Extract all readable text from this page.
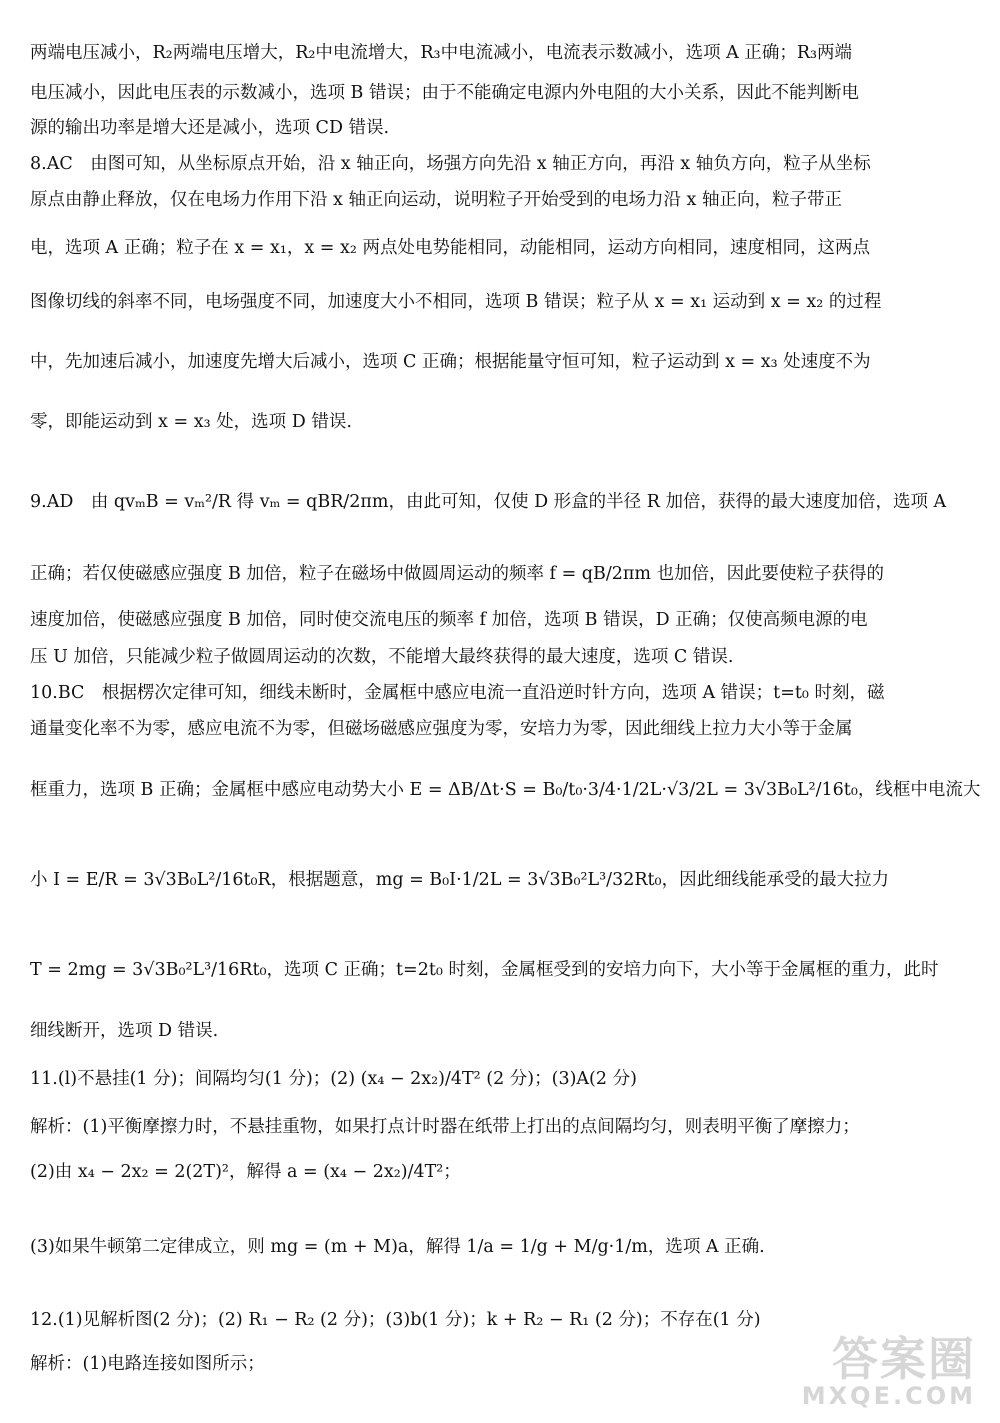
两端电压减小，R₂两端电压增大，R₂中电流增大，R₃中电流减小，电流表示数减小，选项 A 正确；R₃两端
电压减小，因此电压表的示数减小，选项 B 错误；由于不能确定电源内外电阻的大小关系，因此不能判断电
源的输出功率是增大还是减小，选项 CD 错误.
8.AC　由图可知，从坐标原点开始，沿 x 轴正向，场强方向先沿 x 轴正方向，再沿 x 轴负方向，粒子从坐标
原点由静止释放，仅在电场力作用下沿 x 轴正向运动，说明粒子开始受到的电场力沿 x 轴正向，粒子带正
电，选项 A 正确；粒子在 x = x₁，x = x₂ 两点处电势能相同，动能相同，运动方向相同，速度相同，这两点
图像切线的斜率不同，电场强度不同，加速度大小不相同，选项 B 错误；粒子从 x = x₁ 运动到 x = x₂ 的过程
中，先加速后减小，加速度先增大后减小，选项 C 正确；根据能量守恒可知，粒子运动到 x = x₃ 处速度不为
零，即能运动到 x = x₃ 处，选项 D 错误.
9.AD　由 qvₘB = vₘ²/R 得 vₘ = qBR/2πm，由此可知，仅使 D 形盒的半径 R 加倍，获得的最大速度加倍，选项 A
正确；若仅使磁感应强度 B 加倍，粒子在磁场中做圆周运动的频率 f = qB/2πm 也加倍，因此要使粒子获得的
速度加倍，使磁感应强度 B 加倍，同时使交流电压的频率 f 加倍，选项 B 错误，D 正确；仅使高频电源的电
压 U 加倍，只能减少粒子做圆周运动的次数，不能增大最终获得的最大速度，选项 C 错误.
10.BC　根据楞次定律可知，细线未断时，金属框中感应电流一直沿逆时针方向，选项 A 错误；t=t₀ 时刻，磁
通量变化率不为零，感应电流不为零，但磁场磁感应强度为零，安培力为零，因此细线上拉力大小等于金属
框重力，选项 B 正确；金属框中感应电动势大小 E = ΔB/Δt·S = B₀/t₀·3/4·1/2L·√3/2L = 3√3B₀L²/16t₀，线框中电流大
小 I = E/R = 3√3B₀L²/16t₀R，根据题意，mg = B₀I·1/2L = 3√3B₀²L³/32Rt₀，因此细线能承受的最大拉力
T = 2mg = 3√3B₀²L³/16Rt₀，选项 C 正确；t=2t₀ 时刻，金属框受到的安培力向下，大小等于金属框的重力，此时
细线断开，选项 D 错误.
11.(l)不悬挂(1 分)；间隔均匀(1 分)；(2) (x₄ − 2x₂)/4T² (2 分)；(3)A(2 分)
解析：(1)平衡摩擦力时，不悬挂重物，如果打点计时器在纸带上打出的点间隔均匀，则表明平衡了摩擦力；
(2)由 x₄ − 2x₂ = 2(2T)²，解得 a = (x₄ − 2x₂)/4T²；
(3)如果牛顿第二定律成立，则 mg = (m + M)a，解得 1/a = 1/g + M/g·1/m，选项 A 正确.
12.(1)见解析图(2 分)；(2) R₁ − R₂ (2 分)；(3)b(1 分)；k + R₂ − R₁ (2 分)；不存在(1 分)
解析：(1)电路连接如图所示；	答案圈
MXQE.COM
